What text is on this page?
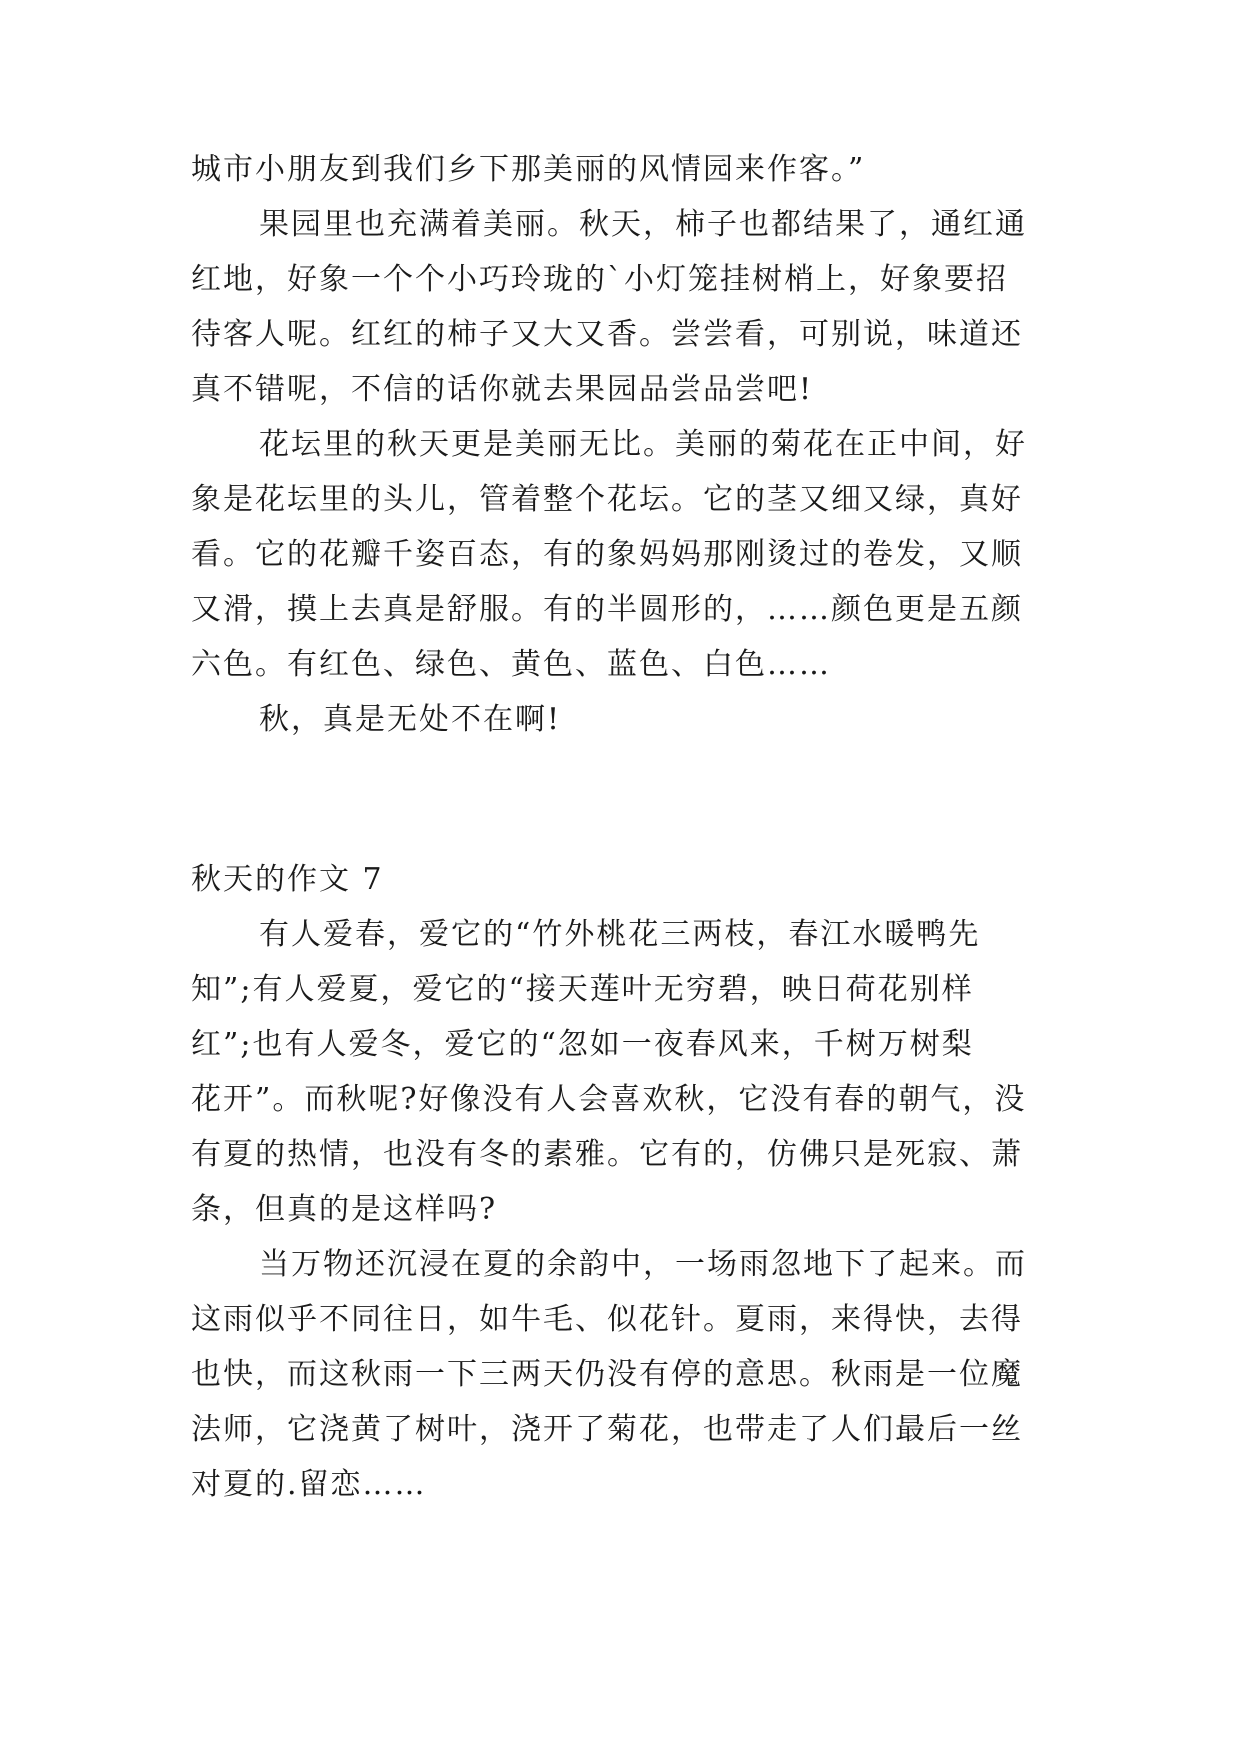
城市小朋友到我们乡下那美丽的风情园来作客。”
果园里也充满着美丽。秋天，柿子也都结果了，通红通
红地，好象一个个小巧玲珑的`小灯笼挂树梢上，好象要招
待客人呢。红红的柿子又大又香。尝尝看，可别说，味道还
真不错呢，不信的话你就去果园品尝品尝吧!
花坛里的秋天更是美丽无比。美丽的菊花在正中间，好
象是花坛里的头儿，管着整个花坛。它的茎又细又绿，真好
看。它的花瓣千姿百态，有的象妈妈那刚烫过的卷发，又顺
又滑，摸上去真是舒服。有的半圆形的，……颜色更是五颜
六色。有红色、绿色、黄色、蓝色、白色……
秋，真是无处不在啊!
秋天的作文 7
有人爱春，爱它的“竹外桃花三两枝，春江水暖鸭先
知”;有人爱夏，爱它的“接天莲叶无穷碧，映日荷花别样
红”;也有人爱冬，爱它的“忽如一夜春风来，千树万树梨
花开”。而秋呢?好像没有人会喜欢秋，它没有春的朝气，没
有夏的热情，也没有冬的素雅。它有的，仿佛只是死寂、萧
条，但真的是这样吗?
当万物还沉浸在夏的余韵中，一场雨忽地下了起来。而
这雨似乎不同往日，如牛毛、似花针。夏雨，来得快，去得
也快，而这秋雨一下三两天仍没有停的意思。秋雨是一位魔
法师，它浇黄了树叶，浇开了菊花，也带走了人们最后一丝
对夏的.留恋……
